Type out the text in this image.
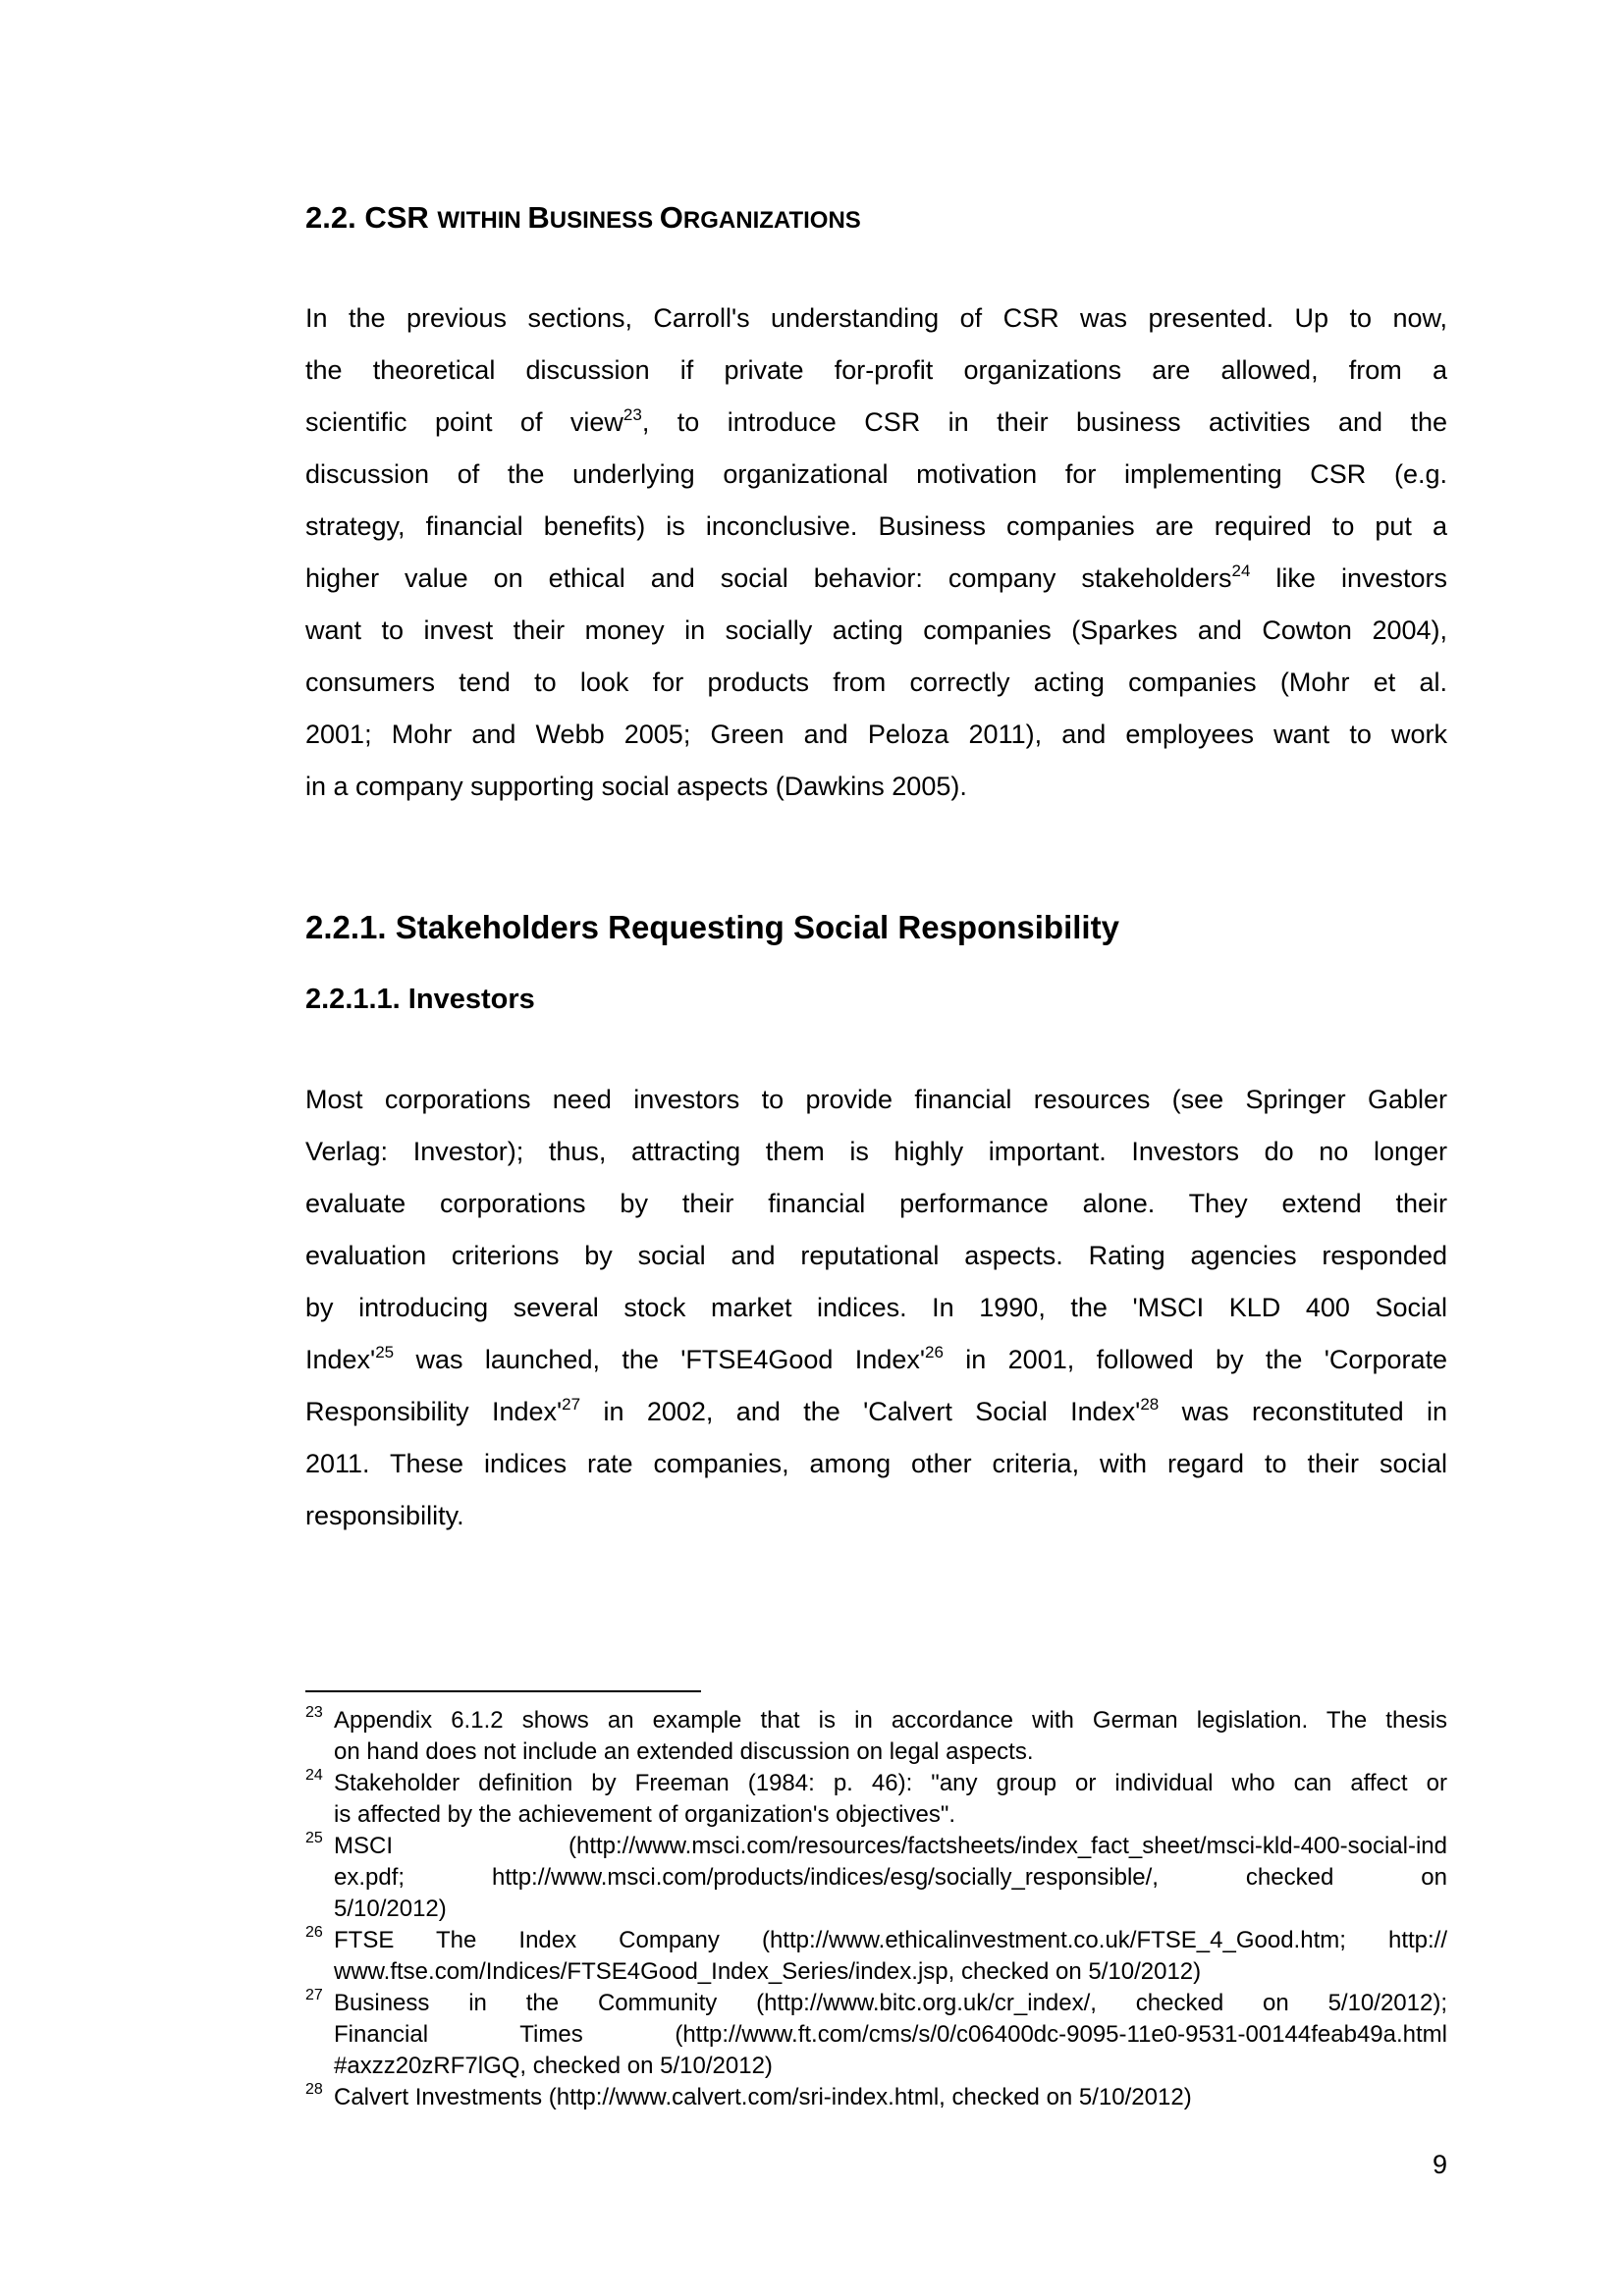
2.2. CSR WITHIN BUSINESS ORGANIZATIONS
In the previous sections, Carroll's understanding of CSR was presented. Up to now,
the theoretical discussion if private for-profit organizations are allowed, from a
scientific point of view$^{23}$, to introduce CSR in their business activities and the
discussion of the underlying organizational motivation for implementing CSR (e.g.
strategy, financial benefits) is inconclusive. Business companies are required to put a
higher value on ethical and social behavior: company stakeholders$^{24}$ like investors
want to invest their money in socially acting companies (Sparkes and Cowton 2004),
consumers tend to look for products from correctly acting companies (Mohr et al.
2001; Mohr and Webb 2005; Green and Peloza 2011), and employees want to work
in a company supporting social aspects (Dawkins 2005).
2.2.1. Stakeholders Requesting Social Responsibility
2.2.1.1. Investors
Most corporations need investors to provide financial resources (see Springer Gabler
Verlag: Investor); thus, attracting them is highly important. Investors do no longer
evaluate corporations by their financial performance alone. They extend their
evaluation criterions by social and reputational aspects. Rating agencies responded
by introducing several stock market indices. In 1990, the 'MSCI KLD 400 Social
$Index'^{25}$ was launched, the 'FTSE4Good $Index'^{26}$ in 2001, followed by the 'Corporate
Responsibility $Index'^{27}$ in 2002, and the 'Calvert Social $Index'^{28}$ was reconstituted in
2011. These indices rate companies, among other criteria, with regard to their social
responsibility.
23 Appendix 6.1.2 shows an example that is in accordance with German legislation. The thesis
on hand does not include an extended discussion on legal aspects.
24 Stakeholder definition by Freeman (1984: p. 46): "any group or individual who can affect or
is affected by the achievement of organization's objectives".
25 MSCI (http://www.msci.com/resources/factsheets/index_fact_sheet/msci-kld-400-social-ind
ex.pdf; http://www.msci.com/products/indices/esg/socially_responsible/, checked on
5/10/2012)
26 FTSE The Index Company (http://www.ethicalinvestment.co.uk/FTSE_4_Good.htm; http://
www.ftse.com/Indices/FTSE4Good_Index_Series/index.jsp, checked on 5/10/2012)
27 Business in the Community (http://www.bitc.org.uk/cr_index/, checked on 5/10/2012);
Financial Times (http://www.ft.com/cms/s/0/c06400dc-9095-11e0-9531-00144feab49a.html
#axzz20zRF7lGQ, checked on 5/10/2012)
28 Calvert Investments (http://www.calvert.com/sri-index.html, checked on 5/10/2012)
9
